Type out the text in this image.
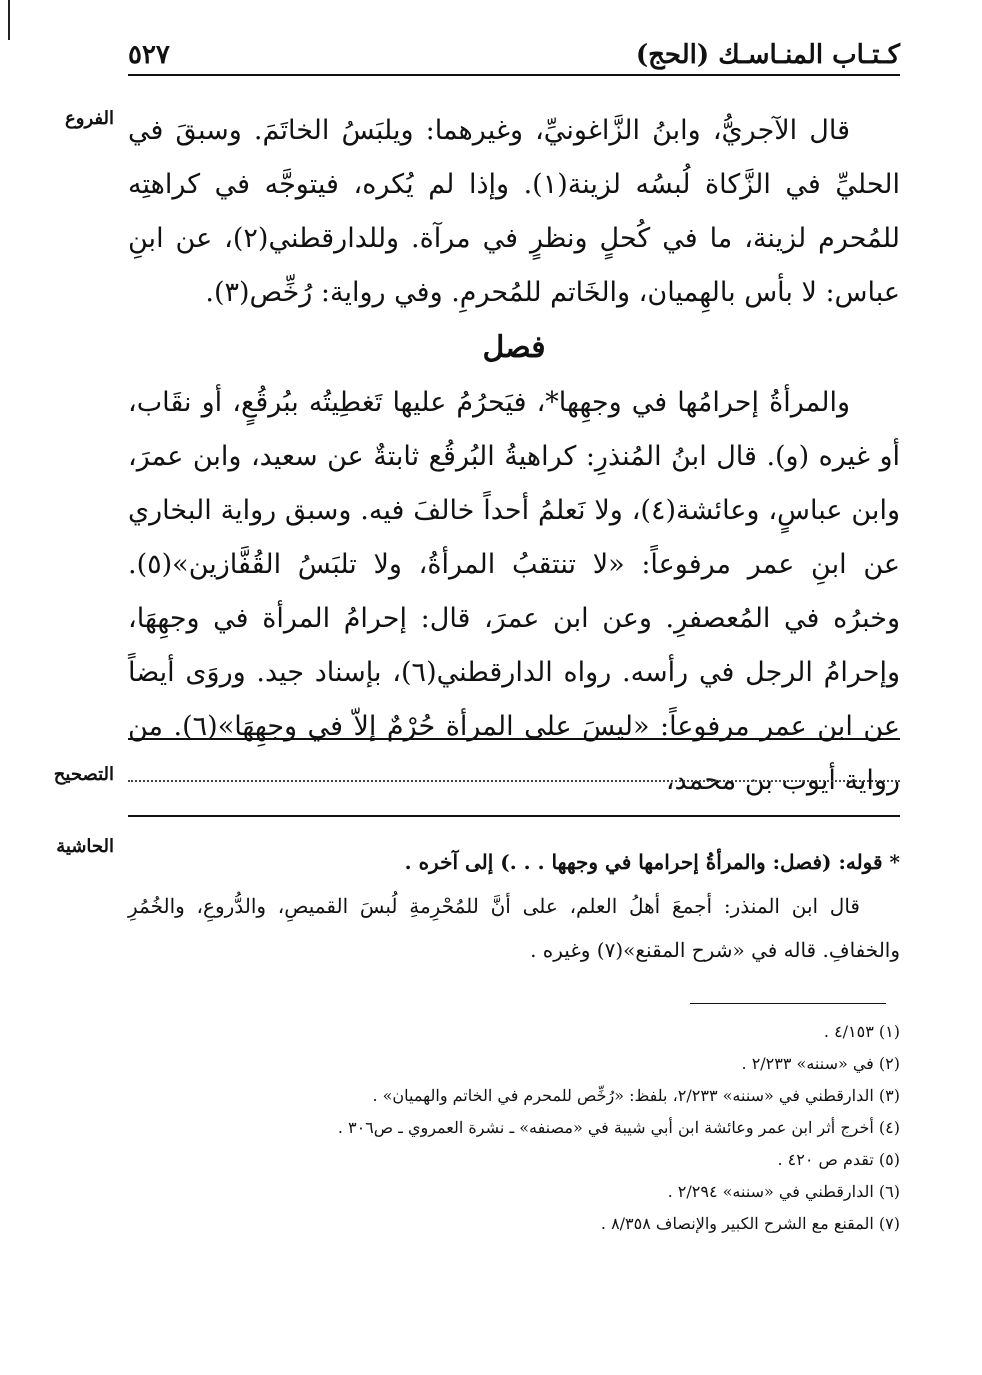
كـتـاب المنـاسـك (الحج)
٥٢٧
الفروع قال الآجريُّ، وابنُ الزَّاغونيِّ، وغيرهما: ويلبَسُ الخاتَمَ. وسبقَ في الحليِّ في الزَّكاة لُبسُه لزينة(١). وإذا لم يُكره، فيتوجَّه في كراهتِه للمُحرم لزينة، ما في كُحلٍ ونظرٍ في مرآة. وللدارقطني(٢)، عن ابنِ عباس: لا بأس بالهِميان، والخَاتم للمُحرمِ. وفي رواية: رُخِّص(٣).

فصل

والمرأةُ إحرامُها في وجهِها*، فيَحرُمُ عليها تَغطِيتُه ببُرقُعٍ، أو نقَاب، أو غيره (و). قال ابنُ المُنذرِ: كراهيةُ البُرقُع ثابتةٌ عن سعيد، وابن عمرَ، وابن عباسٍ، وعائشة(٤)، ولا نَعلمُ أحداً خالفَ فيه. وسبق رواية البخاري عن ابنِ عمر مرفوعاً: «لا تنتقبُ المرأةُ، ولا تلبَسُ القُفَّازين»(٥). وخبرُه في المُعصفرِ. وعن ابن عمرَ، قال: إحرامُ المرأة في وجهِهَا، وإحرامُ الرجل في رأسه. رواه الدارقطني(٦)، بإسناد جيد. وروَى أيضاً عن ابن عمر مرفوعاً: «ليسَ على المرأة حُرْمٌ إلاّ في وجهِهَا»(٦). من رواية أيوب بن محمد،

التصحيح
الحاشية

* قوله: (فصل: والمرأةُ إحرامها في وجهها . . .) إلى آخره .

قال ابن المنذر: أجمعَ أهلُ العلم، على أنَّ للمُحْرِمةِ لُبسَ القميصِ، والدُّروعِ، والخُمُرِ والخفافِ. قاله في «شرح المقنع»(٧) وغيره .

(١) ٤/١٥٣ .
(٢) في «سننه» ٢/٢٣٣ .
(٣) الدارقطني في «سننه» ٢/٢٣٣، بلفظ: «رُخِّص للمحرم في الخاتم والهميان» .
(٤) أخرج أثر ابن عمر وعائشة ابن أبي شيبة في «مصنفه» ـ نشرة العمروي ـ ص٣٠٦ .
(٥) تقدم ص ٤٢٠ .
(٦) الدارقطني في «سننه» ٢/٢٩٤ .
(٧) المقنع مع الشرح الكبير والإنصاف ٨/٣٥٨ .
